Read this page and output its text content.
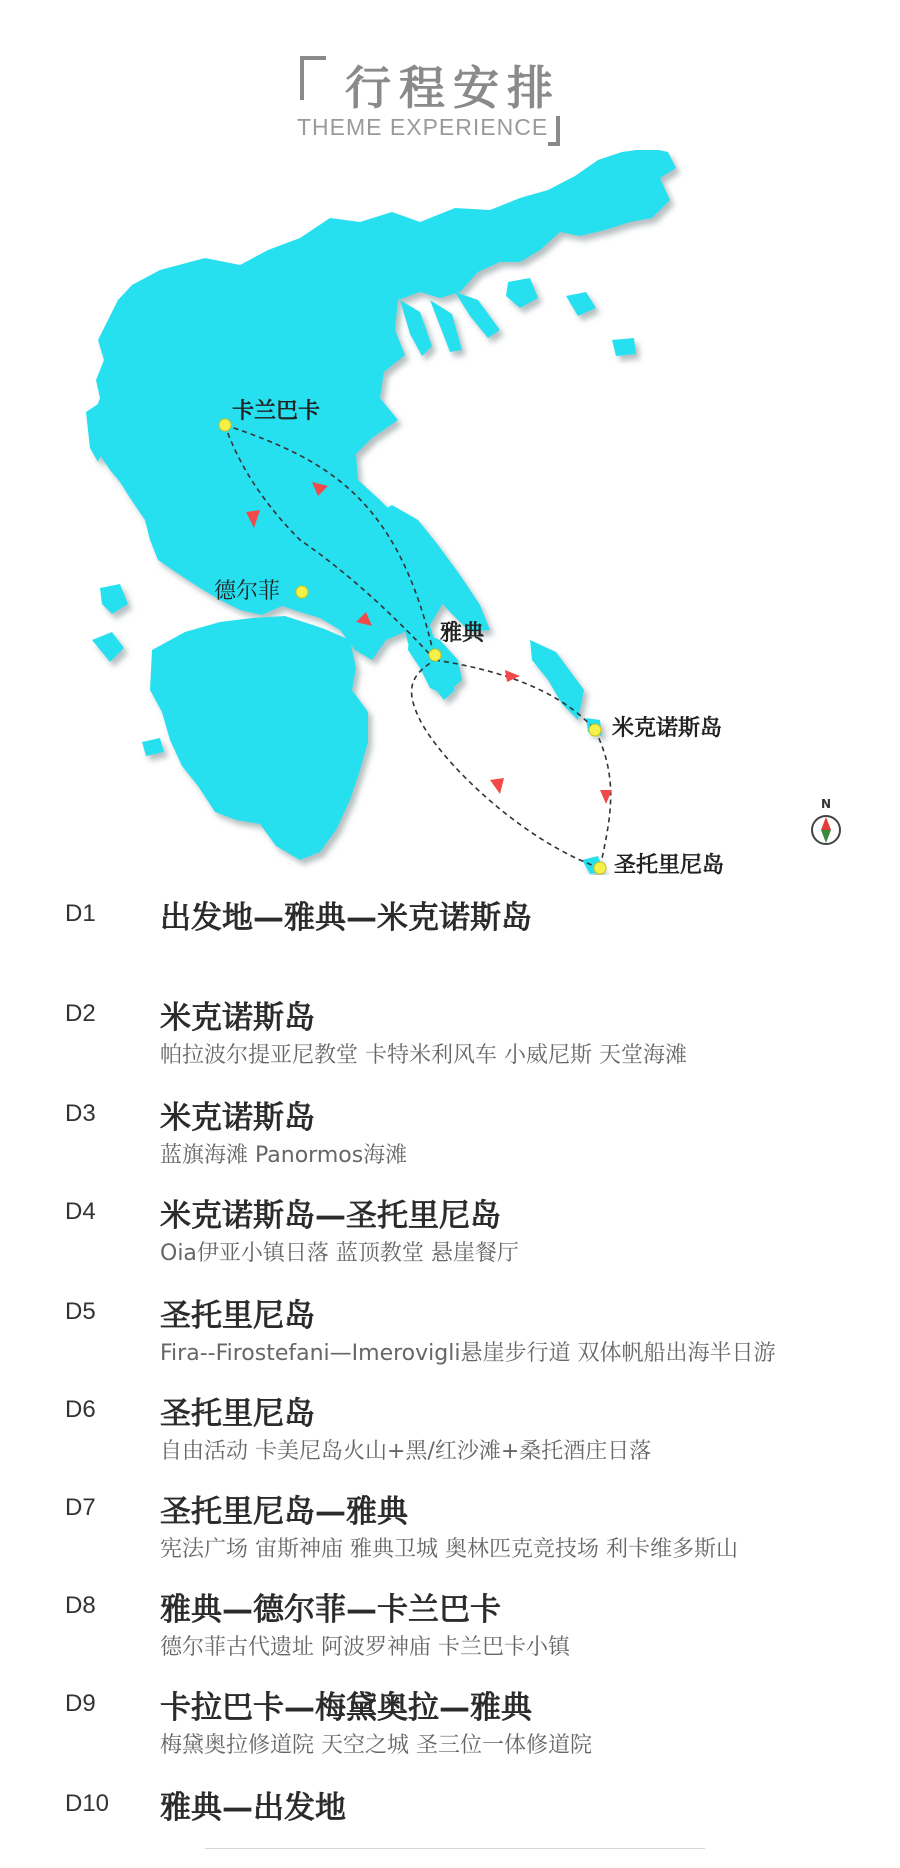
行程安排
THEME EXPERIENCE
卡兰巴卡
德尔菲
雅典
米克诺斯岛
圣托里尼岛
N
D1 出发地—雅典—米克诺斯岛
D2 米克诺斯岛
帕拉波尔提亚尼教堂 卡特米利风车 小威尼斯 天堂海滩
D3 米克诺斯岛
蓝旗海滩 Panormos海滩
D4 米克诺斯岛—圣托里尼岛
Oia伊亚小镇日落 蓝顶教堂 悬崖餐厅
D5 圣托里尼岛
Fira--Firostefani—Imerovigli悬崖步行道 双体帆船出海半日游
D6 圣托里尼岛
自由活动 卡美尼岛火山+黑/红沙滩+桑托酒庄日落
D7 圣托里尼岛—雅典
宪法广场 宙斯神庙 雅典卫城 奥林匹克竞技场 利卡维多斯山
D8 雅典—德尔菲—卡兰巴卡
德尔菲古代遗址 阿波罗神庙 卡兰巴卡小镇
D9 卡拉巴卡—梅黛奥拉—雅典
梅黛奥拉修道院 天空之城 圣三位一体修道院
D10 雅典—出发地
